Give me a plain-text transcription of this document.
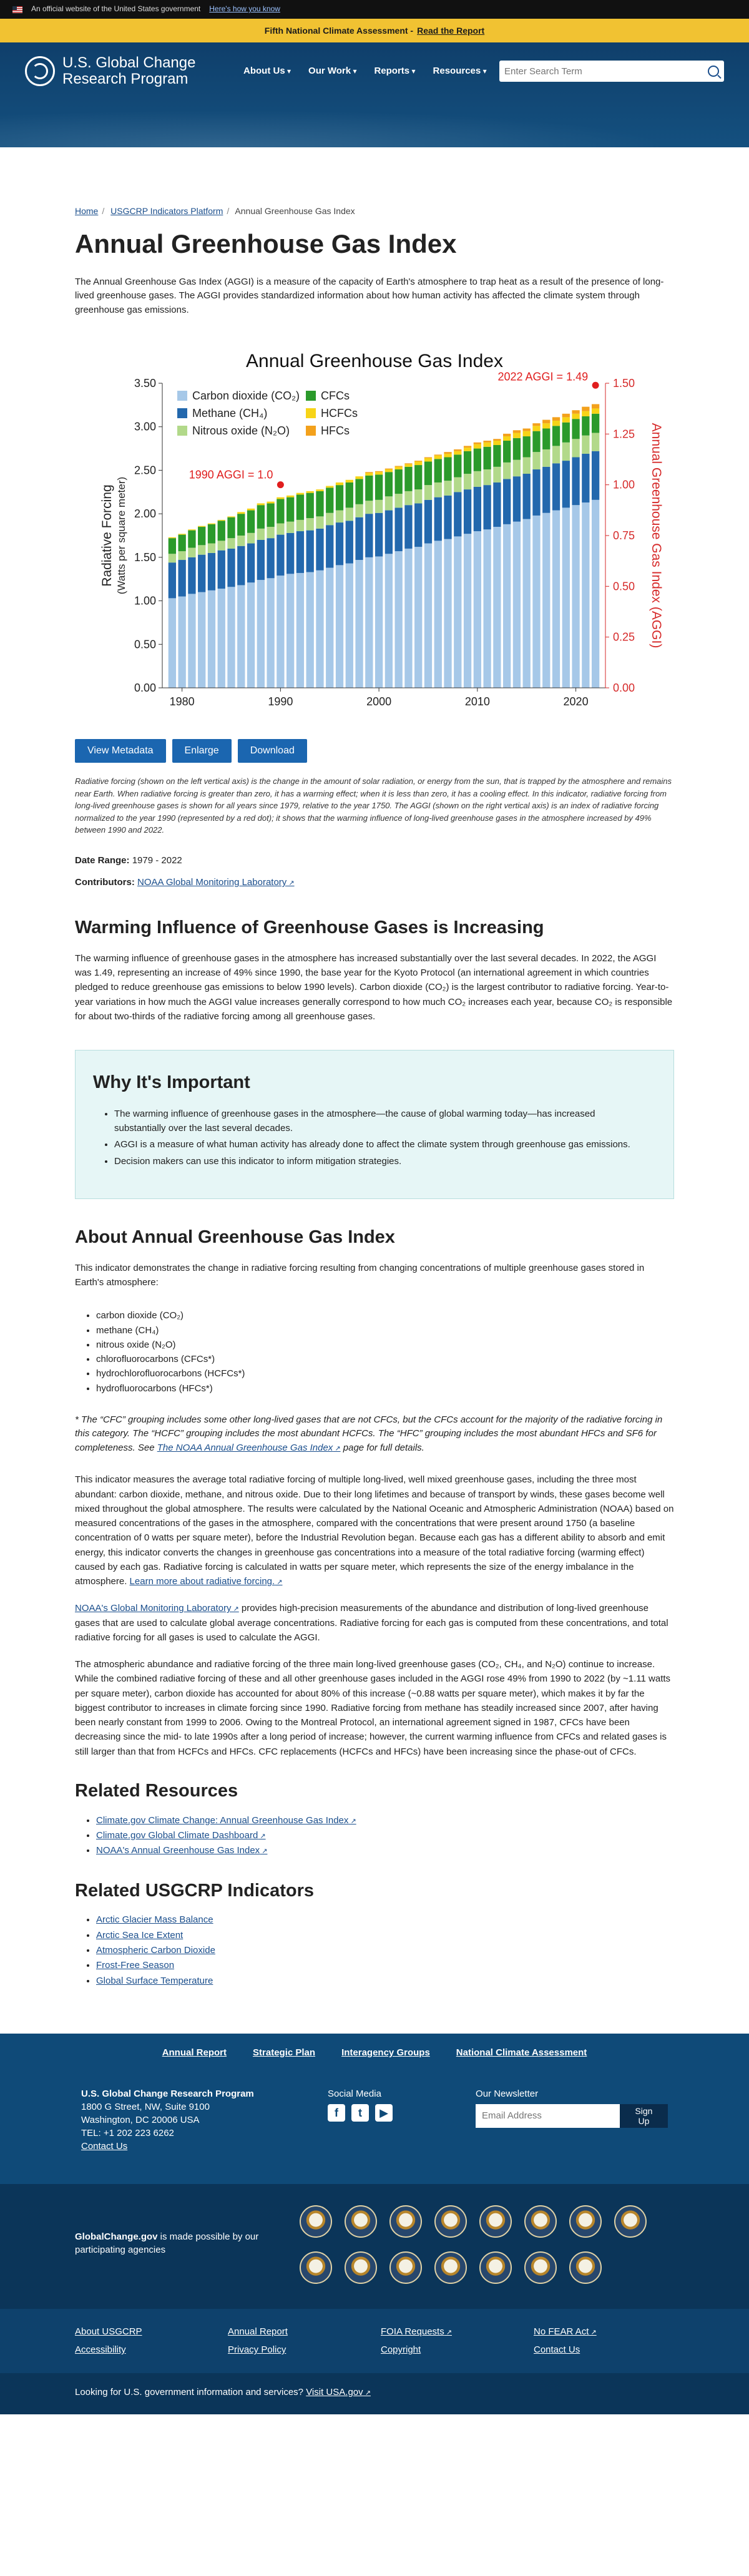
An official website of the United States government Here's how you know
Fifth National Climate Assessment - Read the Report
U.S. Global Change
Research Program	About Us ▾	Our Work ▾	Reports ▾	Resources ▾
Enter Search Term
Home / USGCRP Indicators Platform / Annual Greenhouse Gas Index
Annual Greenhouse Gas Index

The Annual Greenhouse Gas Index (AGGI) is a measure of the capacity of Earth's atmosphere to trap heat as a result of the presence of long-lived greenhouse gases. The AGGI provides standardized information about how human activity has affected the climate system through greenhouse gas emissions.

Annual Greenhouse Gas Index
0.00
0.50
1.00
1.50
2.00
2.50
3.00
3.50
0.00
0.25
0.50
0.75
1.00
1.25
1.50
1980	1990	2000	2010	2020
Radiative Forcing (Watts per square meter)	Annual Greenhouse Gas Index (AGGI)
1990 AGGI = 1.0
2022 AGGI = 1.49
Carbon dioxide (CO₂)
Methane (CH₄)
Nitrous oxide (N₂O)
CFCs
HCFCs
HFCs
View Metadata	Enlarge	Download

Radiative forcing (shown on the left vertical axis) is the change in the amount of solar radiation, or energy from the sun, that is trapped by the atmosphere and remains near Earth. When radiative forcing is greater than zero, it has a warming effect; when it is less than zero, it has a cooling effect. In this indicator, radiative forcing from long-lived greenhouse gases is shown for all years since 1979, relative to the year 1750. The AGGI (shown on the right vertical axis) is an index of radiative forcing normalized to the year 1990 (represented by a red dot); it shows that the warming influence of long-lived greenhouse gases in the atmosphere increased by 49% between 1990 and 2022.

Date Range: 1979 - 2022
Contributors: NOAA Global Monitoring Laboratory ↗
Warming Influence of Greenhouse Gases is Increasing

The warming influence of greenhouse gases in the atmosphere has increased substantially over the last several decades. In 2022, the AGGI was 1.49, representing an increase of 49% since 1990, the base year for the Kyoto Protocol (an international agreement in which countries pledged to reduce greenhouse gas emissions to below 1990 levels). Carbon dioxide (CO₂) is the largest contributor to radiative forcing. Year-to-year variations in how much the AGGI value increases generally correspond to how much CO₂ increases each year, because CO₂ is responsible for about two-thirds of the radiative forcing among all greenhouse gases.

Why It's Important
• The warming influence of greenhouse gases in the atmosphere—the cause of global warming today—has increased substantially over the last several decades.
• AGGI is a measure of what human activity has already done to affect the climate system through greenhouse gas emissions.
• Decision makers can use this indicator to inform mitigation strategies.
About Annual Greenhouse Gas Index

This indicator demonstrates the change in radiative forcing resulting from changing concentrations of multiple greenhouse gases stored in Earth's atmosphere:

• carbon dioxide (CO₂)
• methane (CH₄)
• nitrous oxide (N₂O)
• chlorofluorocarbons (CFCs*)
• hydrochlorofluorocarbons (HCFCs*)
• hydrofluorocarbons (HFCs*)

* The “CFC” grouping includes some other long-lived gases that are not CFCs, but the CFCs account for the majority of the radiative forcing in this category. The “HCFC” grouping includes the most abundant HCFCs. The “HFC” grouping includes the most abundant HFCs and SF6 for completeness. See The NOAA Annual Greenhouse Gas Index ↗ page for full details.

This indicator measures the average total radiative forcing of multiple long-lived, well mixed greenhouse gases, including the three most abundant: carbon dioxide, methane, and nitrous oxide. Due to their long lifetimes and because of transport by winds, these gases become well mixed throughout the global atmosphere. The results were calculated by the National Oceanic and Atmospheric Administration (NOAA) based on measured concentrations of the gases in the atmosphere, compared with the concentrations that were present around 1750 (a baseline concentration of 0 watts per square meter), before the Industrial Revolution began. Because each gas has a different ability to absorb and emit energy, this indicator converts the changes in greenhouse gas concentrations into a measure of the total radiative forcing (warming effect) caused by each gas. Radiative forcing is calculated in watts per square meter, which represents the size of the energy imbalance in the atmosphere. Learn more about radiative forcing. ↗

NOAA's Global Monitoring Laboratory ↗ provides high-precision measurements of the abundance and distribution of long-lived greenhouse gases that are used to calculate global average concentrations. Radiative forcing for each gas is computed from these concentrations, and total radiative forcing for all gases is used to calculate the AGGI.

The atmospheric abundance and radiative forcing of the three main long-lived greenhouse gases (CO₂, CH₄, and N₂O) continue to increase. While the combined radiative forcing of these and all other greenhouse gases included in the AGGI rose 49% from 1990 to 2022 (by ~1.11 watts per square meter), carbon dioxide has accounted for about 80% of this increase (~0.88 watts per square meter), which makes it by far the biggest contributor to increases in climate forcing since 1990. Radiative forcing from methane has steadily increased since 2007, after having been nearly constant from 1999 to 2006. Owing to the Montreal Protocol, an international agreement signed in 1987, CFCs have been decreasing since the mid- to late 1990s after a long period of increase; however, the current warming influence from CFCs and related gases is still larger than that from HCFCs and HFCs. CFC replacements (HCFCs and HFCs) have been increasing since the phase-out of CFCs.

Related Resources
• Climate.gov Climate Change: Annual Greenhouse Gas Index ↗
• Climate.gov Global Climate Dashboard ↗
• NOAA's Annual Greenhouse Gas Index ↗
Related USGCRP Indicators
• Arctic Glacier Mass Balance
• Arctic Sea Ice Extent
• Atmospheric Carbon Dioxide
• Frost-Free Season
• Global Surface Temperature
Annual Report	Strategic Plan	Interagency Groups	National Climate Assessment
U.S. Global Change Research Program
1800 G Street, NW, Suite 9100
Washington, DC 20006 USA
TEL: +1 202 223 6262
Contact Us
Social Media
f	t	▶
Our Newsletter
Email Address
Sign Up
GlobalChange.gov is made possible by our participating agencies
About USGCRP	Annual Report	FOIA Requests ↗	No FEAR Act ↗
Accessibility	Privacy Policy	Copyright	Contact Us
Looking for U.S. government information and services? Visit USA.gov ↗
